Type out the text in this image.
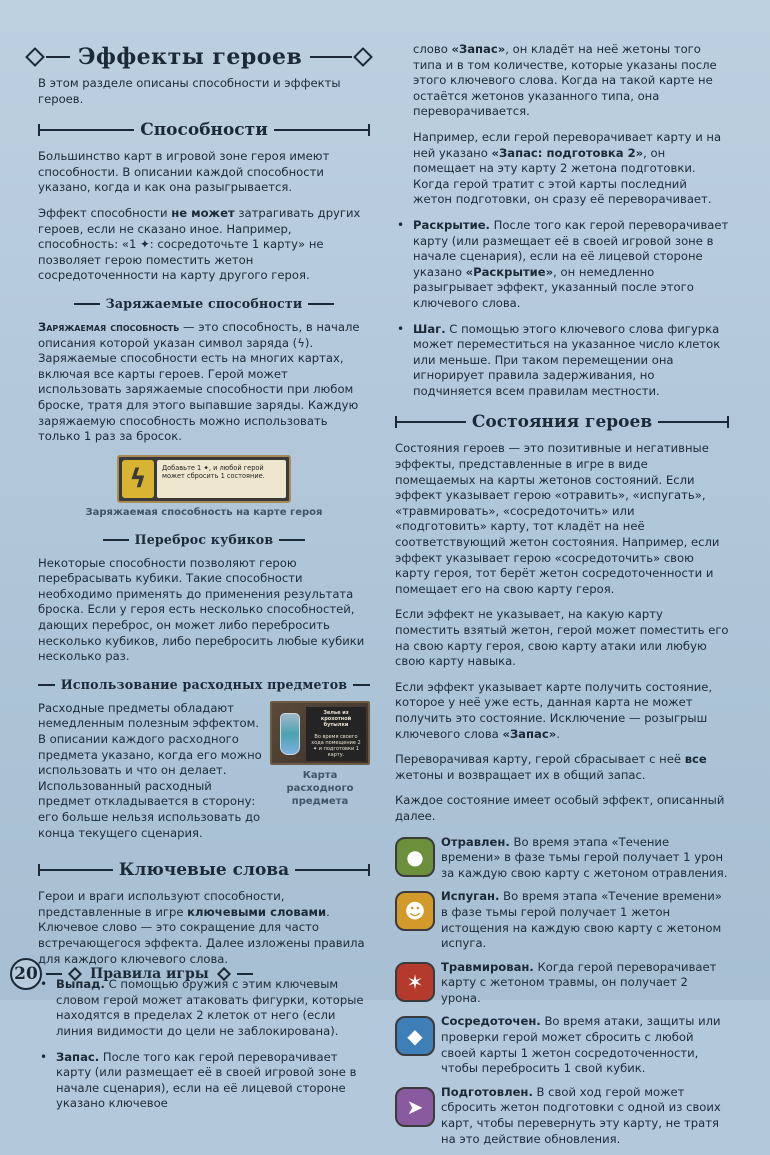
Эффекты героев

В этом разделе описаны способности и эффекты героев.

Способности

Большинство карт в игровой зоне героя имеют способности. В описании каждой способности указано, когда и как она разыгрывается.

Эффект способности не может затрагивать других героев, если не сказано иное. Например, способность: «1 ✦: сосредоточьте 1 карту» не позволяет герою поместить жетон сосредоточенности на карту другого героя.

Заряжаемые способности

Заряжаемая способность — это способность, в начале описания которой указан символ заряда (ϟ). Заряжаемые способности есть на многих картах, включая все карты героев. Герой может использовать заряжаемые способности при любом броске, тратя для этого выпавшие заряды. Каждую заряжаемую способность можно использовать только 1 раз за бросок.

ϟ	Добавьте 1 ✦, и любой герой может сбросить 1 состояние.
Заряжаемая способность на карте героя
Переброс кубиков

Некоторые способности позволяют герою перебрасывать кубики. Такие способности необходимо применять до применения результата броска. Если у героя есть несколько способностей, дающих переброс, он может либо перебросить несколько кубиков, либо перебросить любые кубики несколько раз.

Использование расходных предметов

Расходные предметы обладают немедленным полезным эффектом. В описании каждого расходного предмета указано, когда его можно использовать и что он делает. Использованный расходный предмет откладывается в сторону: его больше нельзя использовать до конца текущего сценария.

Зелье из крохотной бутылки
Во время своего хода помещение 2 ✦ и подготовки 1 карту.
Карта расходного предмета
Ключевые слова

Герои и враги используют способности, представленные в игре ключевыми словами. Ключевое слово — это сокращение для часто встречающегося эффекта. Далее изложены правила для каждого ключевого слова.

• Выпад. С помощью оружия с этим ключевым словом герой может атаковать фигурки, которые находятся в пределах 2 клеток от него (если линия видимости до цели не заблокирована).
• Запас. После того как герой переворачивает карту (или размещает её в своей игровой зоне в начале сценария), если на её лицевой стороне указано ключевое

слово «Запас», он кладёт на неё жетоны того типа и в том количестве, которые указаны после этого ключевого слова. Когда на такой карте не остаётся жетонов указанного типа, она переворачивается.

Например, если герой переворачивает карту и на ней указано «Запас: подготовка 2», он помещает на эту карту 2 жетона подготовки. Когда герой тратит с этой карты последний жетон подготовки, он сразу её переворачивает.

• Раскрытие. После того как герой переворачивает карту (или размещает её в своей игровой зоне в начале сценария), если на её лицевой стороне указано «Раскрытие», он немедленно разыгрывает эффект, указанный после этого ключевого слова.
• Шаг. С помощью этого ключевого слова фигурка может переместиться на указанное число клеток или меньше. При таком перемещении она игнорирует правила задерживания, но подчиняется всем правилам местности.
Состояния героев

Состояния героев — это позитивные и негативные эффекты, представленные в игре в виде помещаемых на карты жетонов состояний. Если эффект указывает герою «отравить», «испугать», «травмировать», «сосредоточить» или «подготовить» карту, тот кладёт на неё соответствующий жетон состояния. Например, если эффект указывает герою «сосредоточить» свою карту героя, тот берёт жетон сосредоточенности и помещает его на свою карту героя.

Если эффект не указывает, на какую карту поместить взятый жетон, герой может поместить его на свою карту героя, свою карту атаки или любую свою карту навыка.

Если эффект указывает карте получить состояние, которое у неё уже есть, данная карта не может получить это состояние. Исключение — розыгрыш ключевого слова «Запас».

Переворачивая карту, герой сбрасывает с неё все жетоны и возвращает их в общий запас.

Каждое состояние имеет особый эффект, описанный далее.

●
Отравлен. Во время этапа «Течение времени» в фазе тьмы герой получает 1 урон за каждую свою карту с жетоном отравления.
☻
Испуган. Во время этапа «Течение времени» в фазе тьмы герой получает 1 жетон истощения на каждую свою карту с жетоном испуга.
✶
Травмирован. Когда герой переворачивает карту с жетоном травмы, он получает 2 урона.
◆
Сосредоточен. Во время атаки, защиты или проверки герой может сбросить с любой своей карты 1 жетон сосредоточенности, чтобы перебросить 1 свой кубик.
➤
Подготовлен. В свой ход герой может сбросить жетон подготовки с одной из своих карт, чтобы перевернуть эту карту, не тратя на это действие обновления.
20	Правила игры
